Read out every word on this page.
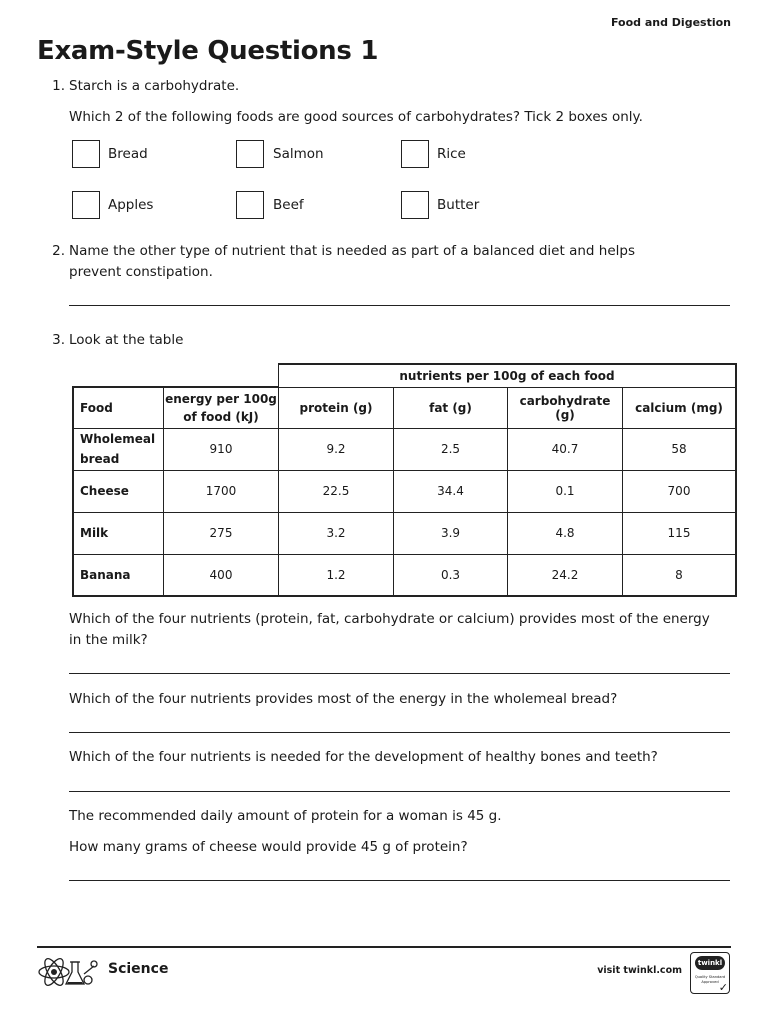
Food and Digestion
Exam-Style Questions 1
1. Starch is a carbohydrate.
Which 2 of the following foods are good sources of carbohydrates? Tick 2 boxes only.
Bread	Salmon	Rice
Apples	Beef	Butter
2. Name the other type of nutrient that is needed as part of a balanced diet and helps
prevent constipation.
3. Look at the table
		nutrients per 100g of each food			
Food	energy per 100g
of food (kJ)	protein (g)	fat (g)	carbohydrate (g)	calcium (mg)
Wholemeal
bread	910	9.2	2.5	40.7	58
Cheese	1700	22.5	34.4	0.1	700
Milk	275	3.2	3.9	4.8	115
Banana	400	1.2	0.3	24.2	8
Which of the four nutrients (protein, fat, carbohydrate or calcium) provides most of the energy
in the milk?
Which of the four nutrients provides most of the energy in the wholemeal bread?
Which of the four nutrients is needed for the development of healthy bones and teeth?
The recommended daily amount of protein for a woman is 45 g.
How many grams of cheese would provide 45 g of protein?
Science	visit twinkl.com
twinkl
Quality Standard Approved ✓
